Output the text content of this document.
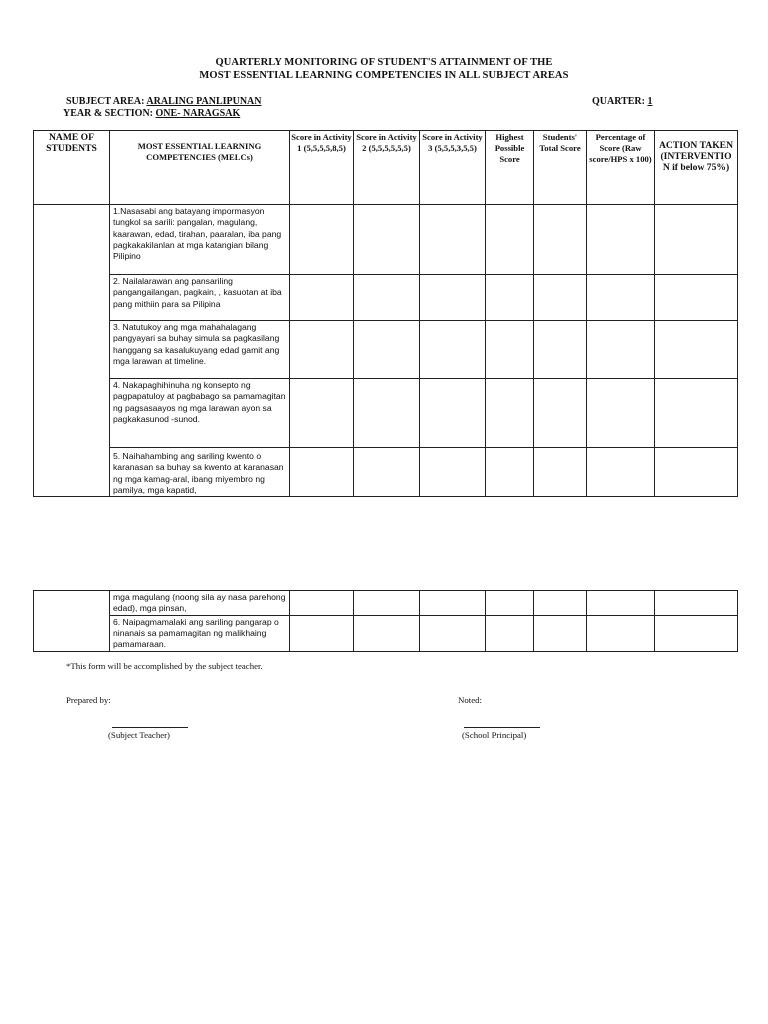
QUARTERLY MONITORING OF STUDENT'S ATTAINMENT OF THE
MOST ESSENTIAL LEARNING COMPETENCIES IN ALL SUBJECT AREAS
SUBJECT AREA: ARALING PANLIPUNAN
YEAR & SECTION: ONE- NARAGSAK
QUARTER: 1
NAME OF STUDENTS	MOST ESSENTIAL LEARNING COMPETENCIES (MELCs)	Score in Activity 1 (5,5,5,5,8,5)	Score in Activity 2 (5,5,5,5,5,5)	Score in Activity 3 (5,5,5,3,5,5)	Highest Possible Score	Students' Total Score	Percentage of Score (Raw score/HPS x 100)	ACTION TAKEN (INTERVENTION if below 75%)
	1.Nasasabi ang batayang impormasyon tungkol sa sarili: pangalan, magulang, kaarawan, edad, tirahan, paaralan, iba pang pagkakakilanlan at mga katangian bilang Pilipino							
	2. Nailalarawan ang pansariling pangangailangan, pagkain, , kasuotan at iba pang mithiin para sa Pilipina							
	3. Natutukoy ang mga mahahalagang pangyayari sa buhay simula sa pagkasilang hanggang sa kasalukuyang edad gamit ang mga larawan at timeline.							
	4. Nakapaghihinuha ng konsepto ng pagpapatuloy at pagbabago sa pamamagitan ng pagsasaayos ng mga larawan ayon sa pagkakasunod -sunod.							
	5. Naihahambing ang sariling kwento o karanasan sa buhay sa kwento at karanasan ng mga kamag-aral, ibang miyembro ng pamilya, mga kapatid,							
	mga magulang (noong sila ay nasa parehong edad), mga pinsan,							
	6. Naipagmamalaki ang sariling pangarap o ninanais sa pamamagitan ng malikhaing pamamaraan.							
*This form will be accomplished by the subject teacher.
Prepared by:	Noted:
(Subject Teacher)	(School Principal)
